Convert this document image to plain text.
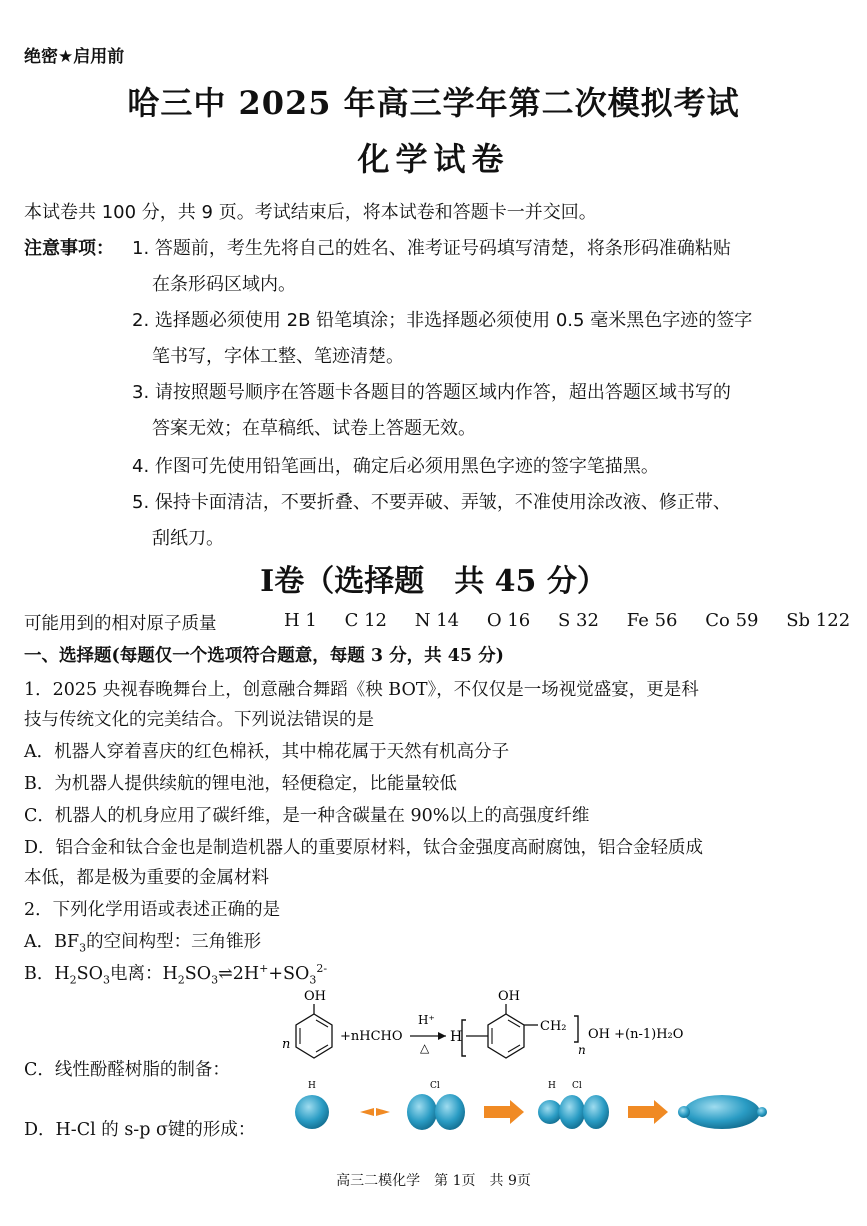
绝密★启用前
哈三中 2025 年高三学年第二次模拟考试
化学试卷
本试卷共 100 分，共 9 页。考试结束后，将本试卷和答题卡一并交回。
注意事项： 1. 答题前，考生先将自己的姓名、准考证号码填写清楚，将条形码准确粘贴
在条形码区域内。
2. 选择题必须使用 2B 铅笔填涂；非选择题必须使用 0.5 毫米黑色字迹的签字
笔书写，字体工整、笔迹清楚。
3. 请按照题号顺序在答题卡各题目的答题区域内作答，超出答题区域书写的
答案无效；在草稿纸、试卷上答题无效。
4. 作图可先使用铅笔画出，确定后必须用黑色字迹的签字笔描黑。
5. 保持卡面清洁，不要折叠、不要弄破、弄皱，不准使用涂改液、修正带、
刮纸刀。
I卷（选择题　共 45 分）
可能用到的相对原子质量	H 1 C 12 N 14 O 16 S 32 Fe 56 Co 59 Sb 122
一、选择题(每题仅一个选项符合题意，每题 3 分，共 45 分)
1．2025 央视春晚舞台上，创意融合舞蹈《秧 BOT》，不仅仅是一场视觉盛宴，更是科
技与传统文化的完美结合。下列说法错误的是
A．机器人穿着喜庆的红色棉袄，其中棉花属于天然有机高分子
B．为机器人提供续航的锂电池，轻便稳定，比能量较低
C．机器人的机身应用了碳纤维，是一种含碳量在 90%以上的高强度纤维
D．铝合金和钛合金也是制造机器人的重要原材料，钛合金强度高耐腐蚀，铝合金轻质成
本低，都是极为重要的金属材料
2．下列化学用语或表述正确的是
A．$BF_3$的空间构型：三角锥形
B．$H_2SO_3$电离：$H_2SO_3\rightleftharpoons 2H^++SO_3^{2-}$
C．线性酚醛树脂的制备：
OH
n
+nHCHO
H⁺
△
H
OH
CH₂
n
OH +(n-1)H₂O
D．H-Cl 的 s-p σ键的形成：
H	Cl	H Cl
高三二模化学　第 1页　共 9页
